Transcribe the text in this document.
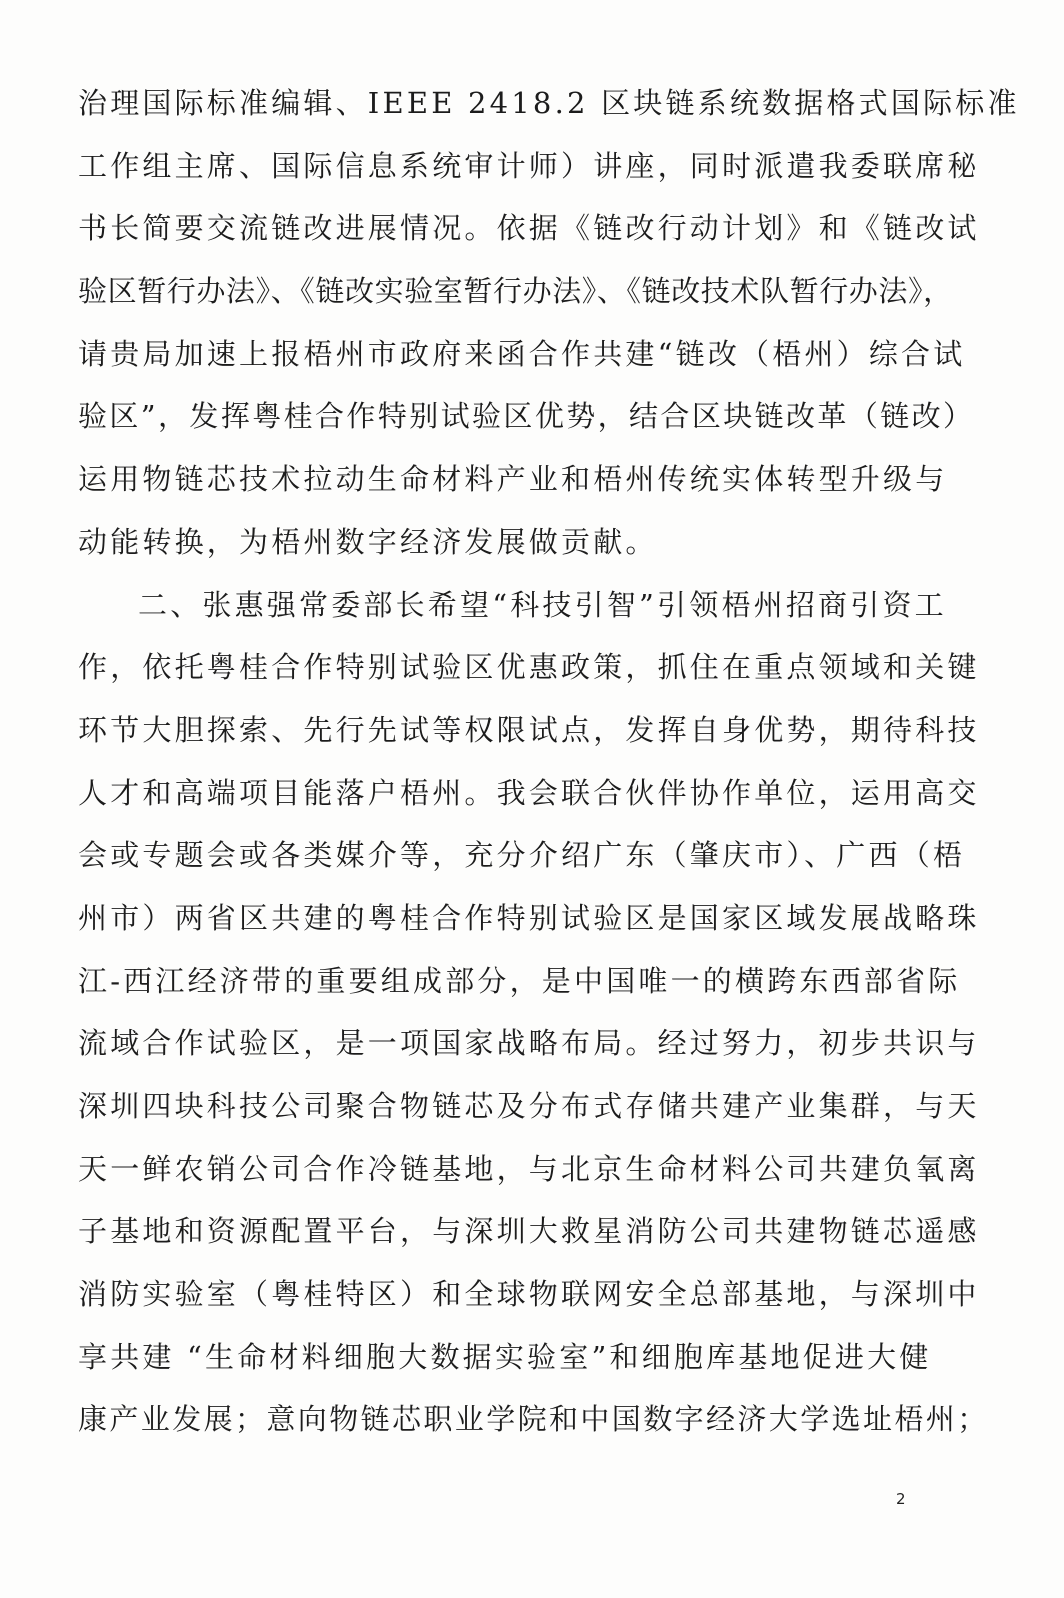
治理国际标准编辑、IEEE 2418.2 区块链系统数据格式国际标准
工作组主席、国际信息系统审计师）讲座，同时派遣我委联席秘
书长简要交流链改进展情况。依据《链改行动计划》和《链改试
验区暂行办法》、《链改实验室暂行办法》、《链改技术队暂行办法》，
请贵局加速上报梧州市政府来函合作共建“链改（梧州）综合试
验区”，发挥粤桂合作特别试验区优势，结合区块链改革（链改）
运用物链芯技术拉动生命材料产业和梧州传统实体转型升级与
动能转换，为梧州数字经济发展做贡献。
二、张惠强常委部长希望“科技引智”引领梧州招商引资工
作，依托粤桂合作特别试验区优惠政策，抓住在重点领域和关键
环节大胆探索、先行先试等权限试点，发挥自身优势，期待科技
人才和高端项目能落户梧州。我会联合伙伴协作单位，运用高交
会或专题会或各类媒介等，充分介绍广东（肇庆市）、广西（梧
州市）两省区共建的粤桂合作特别试验区是国家区域发展战略珠
江-西江经济带的重要组成部分，是中国唯一的横跨东西部省际
流域合作试验区，是一项国家战略布局。经过努力，初步共识与
深圳四块科技公司聚合物链芯及分布式存储共建产业集群，与天
天一鲜农销公司合作冷链基地，与北京生命材料公司共建负氧离
子基地和资源配置平台，与深圳大救星消防公司共建物链芯遥感
消防实验室（粤桂特区）和全球物联网安全总部基地，与深圳中
享共建 “生命材料细胞大数据实验室”和细胞库基地促进大健
康产业发展；意向物链芯职业学院和中国数字经济大学选址梧州；
2
